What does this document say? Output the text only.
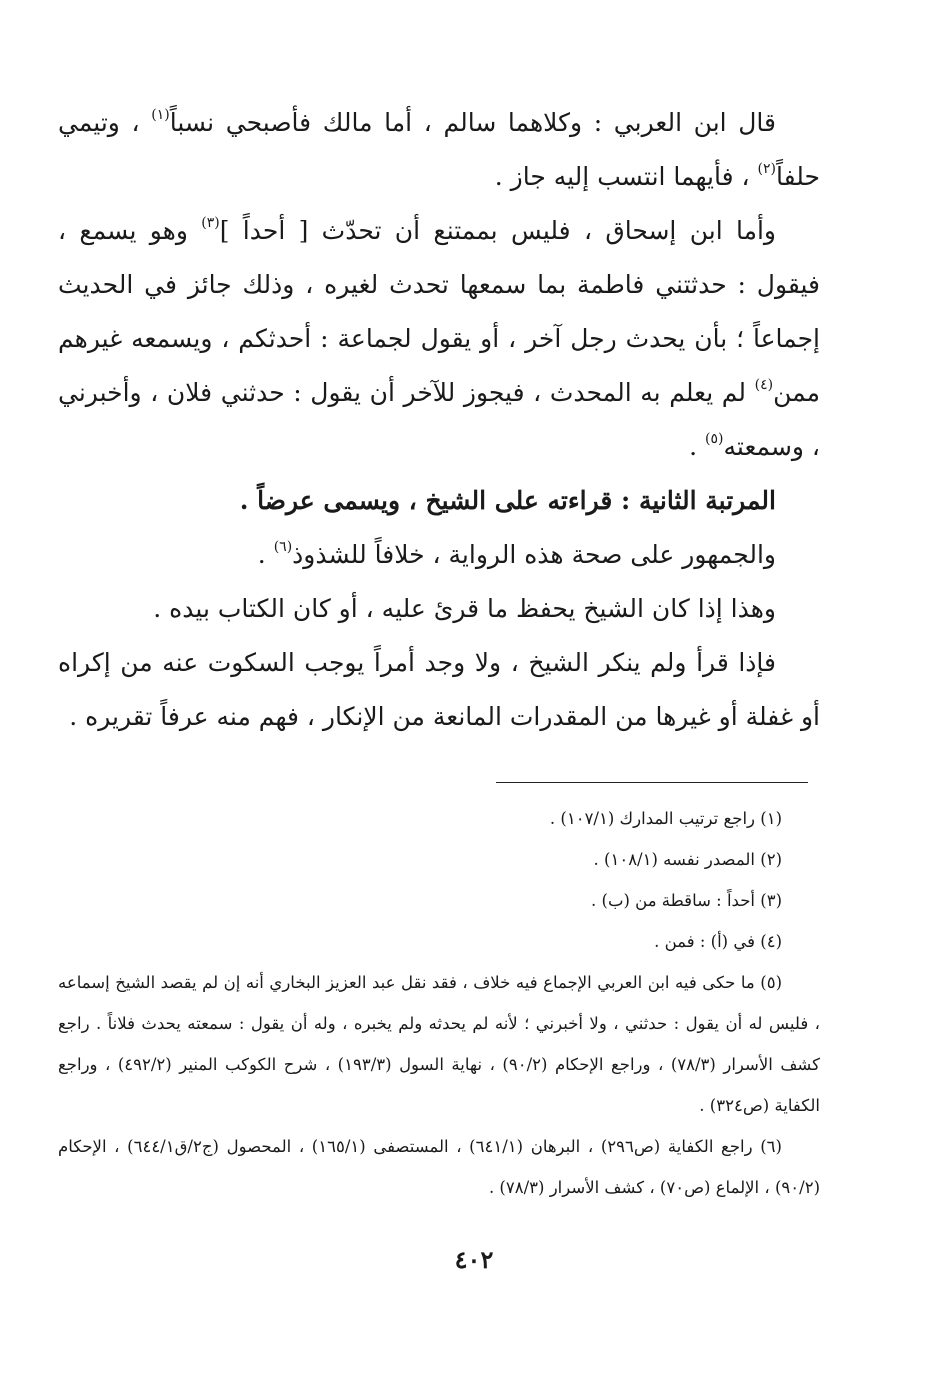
قال ابن العربي : وكلاهما سالم ، أما مالك فأصبحي نسباً$^{(١)}$ ، وتيمي حلفاً$^{(٢)}$ ، فأيهما انتسب إليه جاز .

وأما ابن إسحاق ، فليس بممتنع أن تحدّث [ أحداً ]$^{(٣)}$ وهو يسمع ، فيقول : حدثتني فاطمة بما سمعها تحدث لغيره ، وذلك جائز في الحديث إجماعاً ؛ بأن يحدث رجل آخر ، أو يقول لجماعة : أحدثكم ، ويسمعه غيرهم ممن$^{(٤)}$ لم يعلم به المحدث ، فيجوز للآخر أن يقول : حدثني فلان ، وأخبرني ، وسمعته$^{(٥)}$ .

المرتبة الثانية : قراءته على الشيخ ، ويسمى عرضاً .

والجمهور على صحة هذه الرواية ، خلافاً للشذوذ$^{(٦)}$ .

وهذا إذا كان الشيخ يحفظ ما قرئ عليه ، أو كان الكتاب بيده .

فإذا قرأ ولم ينكر الشيخ ، ولا وجد أمراً يوجب السكوت عنه من إكراه أو غفلة أو غيرها من المقدرات المانعة من الإنكار ، فهم منه عرفاً تقريره .

(١) راجع ترتيب المدارك (١٠٧/١) .

(٢) المصدر نفسه (١٠٨/١) .

(٣) أحداً : ساقطة من (ب) .

(٤) في (أ) : فمن .

(٥) ما حكى فيه ابن العربي الإجماع فيه خلاف ، فقد نقل عبد العزيز البخاري أنه إن لم يقصد الشيخ إسماعه ، فليس له أن يقول : حدثني ، ولا أخبرني ؛ لأنه لم يحدثه ولم يخبره ، وله أن يقول : سمعته يحدث فلاناً . راجع كشف الأسرار (٧٨/٣) ، وراجع الإحكام (٩٠/٢) ، نهاية السول (١٩٣/٣) ، شرح الكوكب المنير (٤٩٢/٢) ، وراجع الكفاية (ص٣٢٤) .

(٦) راجع الكفاية (ص٢٩٦) ، البرهان (٦٤١/١) ، المستصفى (١٦٥/١) ، المحصول (ج٢/ق٦٤٤/١) ، الإحكام (٩٠/٢) ، الإلماع (ص٧٠) ، كشف الأسرار (٧٨/٣) .

٤٠٢
